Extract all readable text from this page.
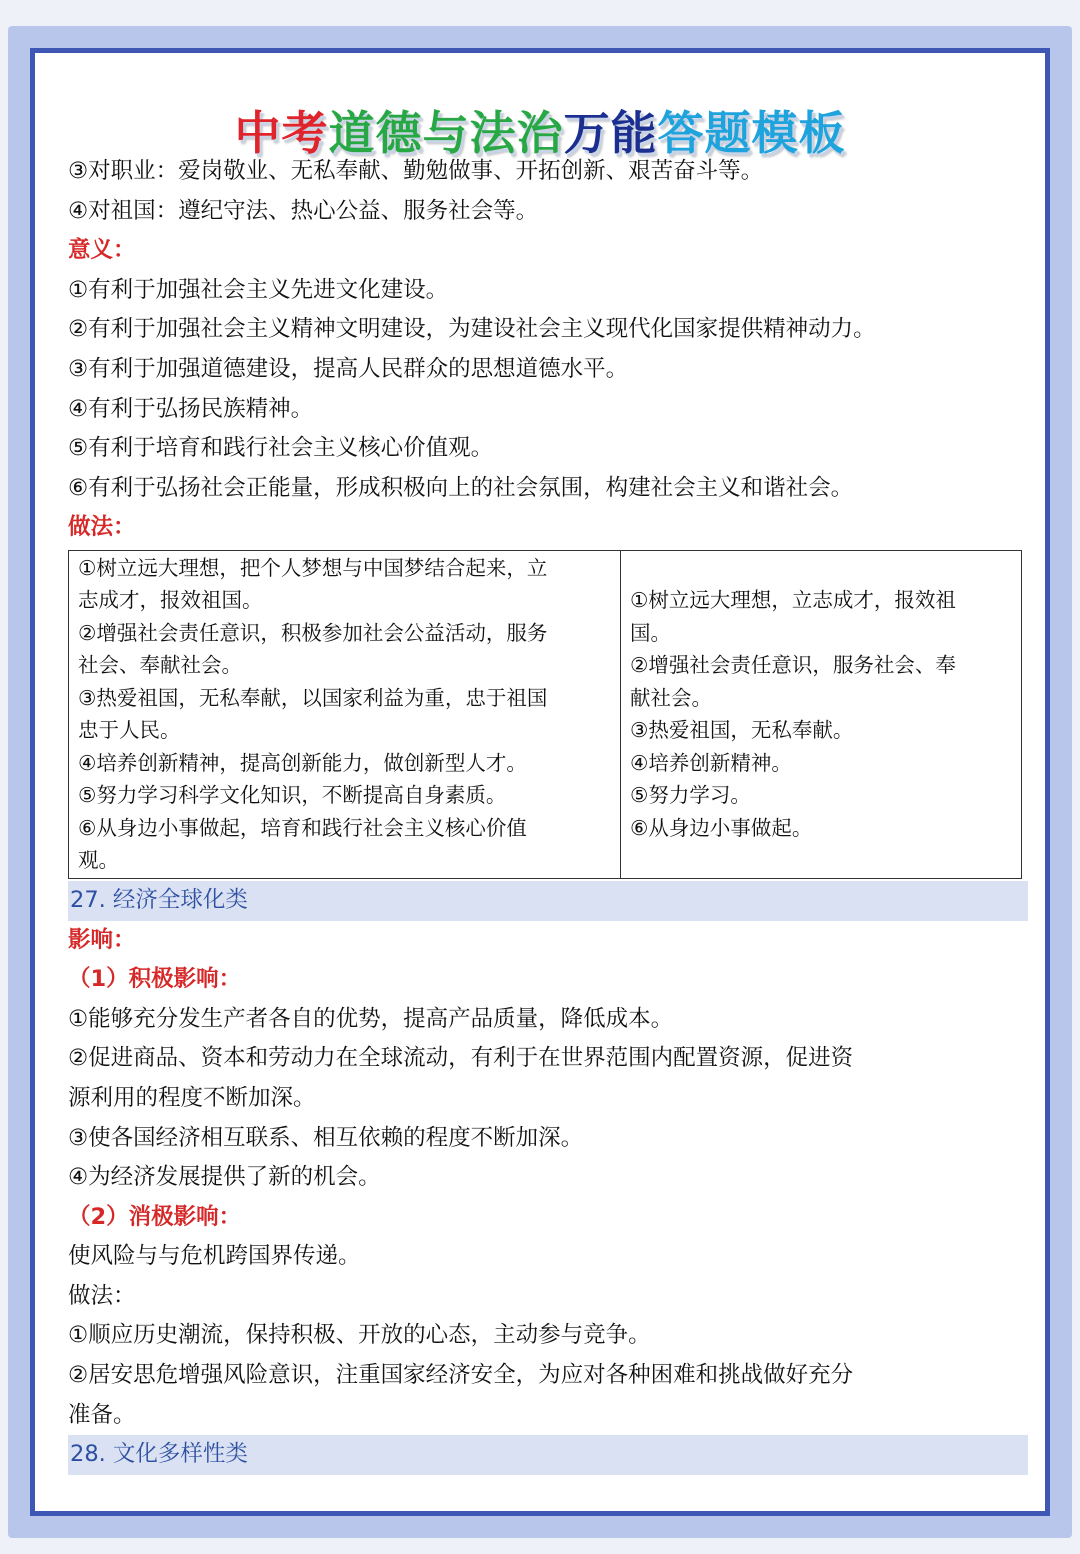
中考道德与法治万能答题模板
③对职业：爱岗敬业、无私奉献、勤勉做事、开拓创新、艰苦奋斗等。
④对祖国：遵纪守法、热心公益、服务社会等。
意义：
①有利于加强社会主义先进文化建设。
②有利于加强社会主义精神文明建设，为建设社会主义现代化国家提供精神动力。
③有利于加强道德建设，提高人民群众的思想道德水平。
④有利于弘扬民族精神。
⑤有利于培育和践行社会主义核心价值观。
⑥有利于弘扬社会正能量，形成积极向上的社会氛围，构建社会主义和谐社会。
做法：
①树立远大理想，把个人梦想与中国梦结合起来，立
志成才，报效祖国。
②增强社会责任意识，积极参加社会公益活动，服务
社会、奉献社会。
③热爱祖国，无私奉献，以国家利益为重，忠于祖国
忠于人民。
④培养创新精神，提高创新能力，做创新型人才。
⑤努力学习科学文化知识，不断提高自身素质。
⑥从身边小事做起，培育和践行社会主义核心价值
观。

①树立远大理想，立志成才，报效祖
国。
②增强社会责任意识，服务社会、奉
献社会。
③热爱祖国，无私奉献。
④培养创新精神。
⑤努力学习。
⑥从身边小事做起。
27. 经济全球化类
影响：
（1）积极影响：
①能够充分发生产者各自的优势，提高产品质量，降低成本。
②促进商品、资本和劳动力在全球流动，有利于在世界范围内配置资源，促进资
源利用的程度不断加深。
③使各国经济相互联系、相互依赖的程度不断加深。
④为经济发展提供了新的机会。
（2）消极影响：
使风险与与危机跨国界传递。
做法：
①顺应历史潮流，保持积极、开放的心态，主动参与竞争。
②居安思危增强风险意识，注重国家经济安全，为应对各种困难和挑战做好充分
准备。
28. 文化多样性类
